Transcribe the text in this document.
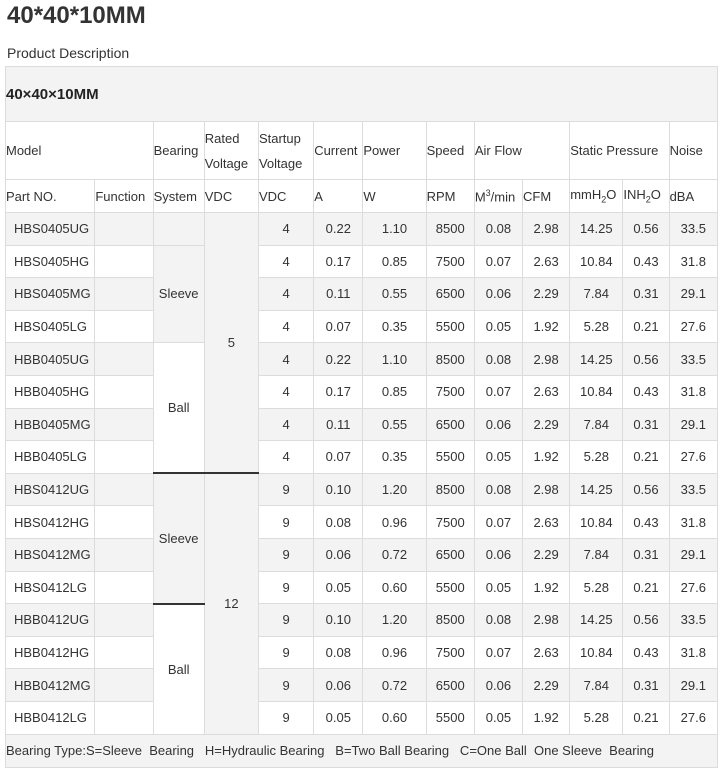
40*40*10MM
Product Description
40×40×10MM												
Model		Bearing	Rated Voltage	Startup Voltage	Current	Power	Speed	Air Flow		Static Pressure		Noise
Part NO.	Function	System	VDC	VDC	A	W	RPM	$M^3/\min$	CFM	mmH$_2$O	$INH_2O$	dBA
HBS0405UG			5	4	0.22	1.10	8500	0.08	2.98	14.25	0.56	33.5
HBS0405HG		Sleeve		4	0.17	0.85	7500	0.07	2.63	10.84	0.43	31.8
HBS0405MG				4	0.11	0.55	6500	0.06	2.29	7.84	0.31	29.1
HBS0405LG				4	0.07	0.35	5500	0.05	1.92	5.28	0.21	27.6
HBB0405UG		Ball		4	0.22	1.10	8500	0.08	2.98	14.25	0.56	33.5
HBB0405HG				4	0.17	0.85	7500	0.07	2.63	10.84	0.43	31.8
HBB0405MG				4	0.11	0.55	6500	0.06	2.29	7.84	0.31	29.1
HBB0405LG				4	0.07	0.35	5500	0.05	1.92	5.28	0.21	27.6
HBS0412UG		Sleeve	12	9	0.10	1.20	8500	0.08	2.98	14.25	0.56	33.5
HBS0412HG				9	0.08	0.96	7500	0.07	2.63	10.84	0.43	31.8
HBS0412MG				9	0.06	0.72	6500	0.06	2.29	7.84	0.31	29.1
HBS0412LG				9	0.05	0.60	5500	0.05	1.92	5.28	0.21	27.6
HBB0412UG		Ball		9	0.10	1.20	8500	0.08	2.98	14.25	0.56	33.5
HBB0412HG				9	0.08	0.96	7500	0.07	2.63	10.84	0.43	31.8
HBB0412MG				9	0.06	0.72	6500	0.06	2.29	7.84	0.31	29.1
HBB0412LG				9	0.05	0.60	5500	0.05	1.92	5.28	0.21	27.6
Bearing Type:S=Sleeve  Bearing   H=Hydraulic Bearing   B=Two Ball Bearing   C=One Ball  One Sleeve  Bearing												
